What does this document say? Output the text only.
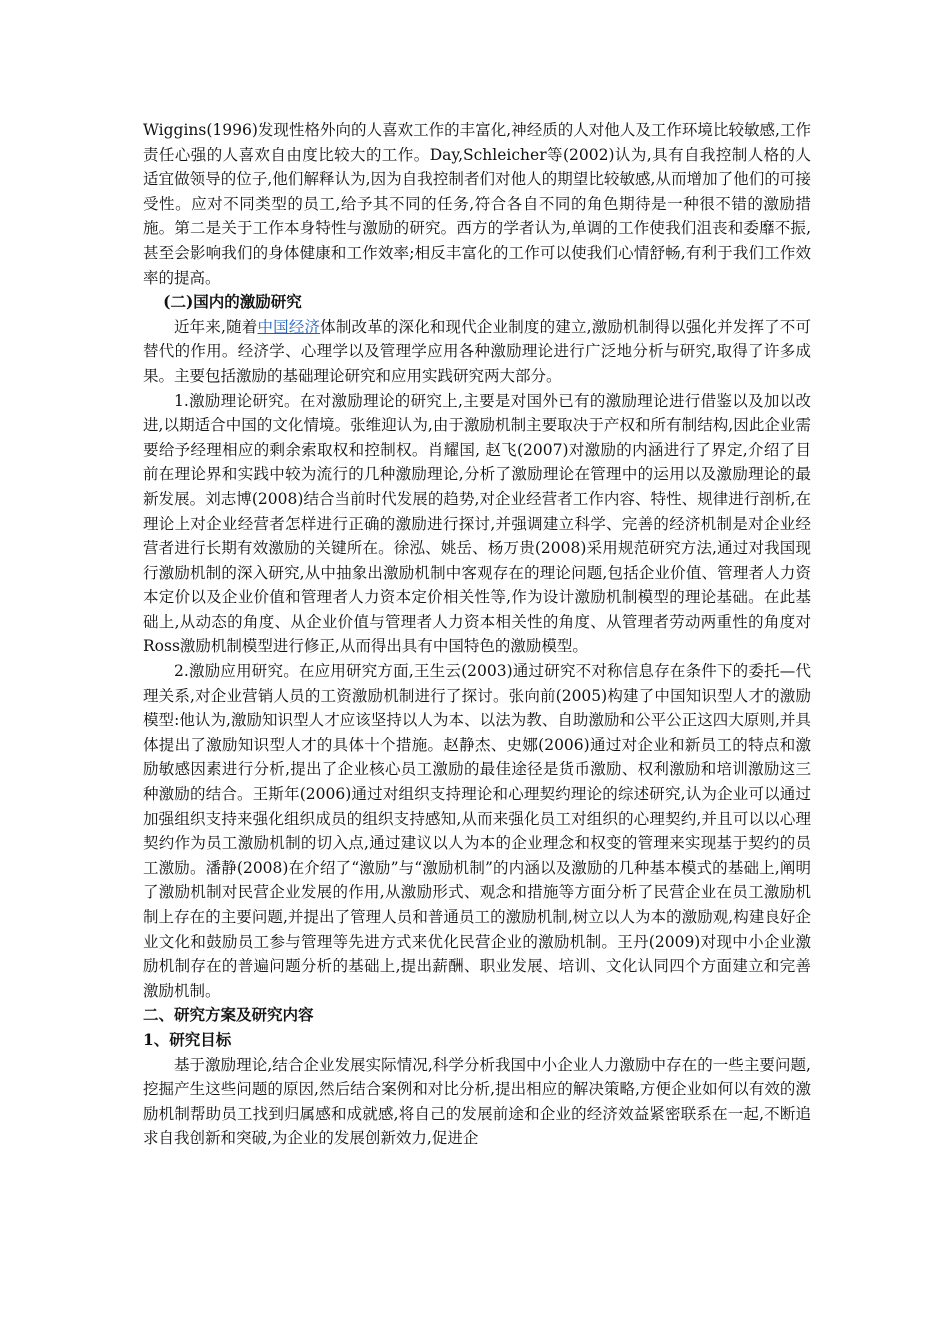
Wiggins(1996)发现性格外向的人喜欢工作的丰富化,神经质的人对他人及工作环境比较敏感,工作责任心强的人喜欢自由度比较大的工作。Day,Schleicher等(2002)认为,具有自我控制人格的人适宜做领导的位子,他们解释认为,因为自我控制者们对他人的期望比较敏感,从而增加了他们的可接受性。应对不同类型的员工,给予其不同的任务,符合各自不同的角色期待是一种很不错的激励措施。第二是关于工作本身特性与激励的研究。西方的学者认为,单调的工作使我们沮丧和委靡不振,甚至会影响我们的身体健康和工作效率;相反丰富化的工作可以使我们心情舒畅,有利于我们工作效率的提高。

(二)国内的激励研究

近年来,随着中国经济体制改革的深化和现代企业制度的建立,激励机制得以强化并发挥了不可替代的作用。经济学、心理学以及管理学应用各种激励理论进行广泛地分析与研究,取得了许多成果。主要包括激励的基础理论研究和应用实践研究两大部分。

1.激励理论研究。在对激励理论的研究上,主要是对国外已有的激励理论进行借鉴以及加以改进,以期适合中国的文化情境。张维迎认为,由于激励机制主要取决于产权和所有制结构,因此企业需要给予经理相应的剩余索取权和控制权。肖耀国, 赵飞(2007)对激励的内涵进行了界定,介绍了目前在理论界和实践中较为流行的几种激励理论,分析了激励理论在管理中的运用以及激励理论的最新发展。刘志博(2008)结合当前时代发展的趋势,对企业经营者工作内容、特性、规律进行剖析,在理论上对企业经营者怎样进行正确的激励进行探讨,并强调建立科学、完善的经济机制是对企业经营者进行长期有效激励的关键所在。徐泓、姚岳、杨万贵(2008)采用规范研究方法,通过对我国现行激励机制的深入研究,从中抽象出激励机制中客观存在的理论问题,包括企业价值、管理者人力资本定价以及企业价值和管理者人力资本定价相关性等,作为设计激励机制模型的理论基础。在此基础上,从动态的角度、从企业价值与管理者人力资本相关性的角度、从管理者劳动两重性的角度对 Ross激励机制模型进行修正,从而得出具有中国特色的激励模型。

2.激励应用研究。在应用研究方面,王生云(2003)通过研究不对称信息存在条件下的委托—代理关系,对企业营销人员的工资激励机制进行了探讨。张向前(2005)构建了中国知识型人才的激励模型:他认为,激励知识型人才应该坚持以人为本、以法为教、自助激励和公平公正这四大原则,并具体提出了激励知识型人才的具体十个措施。赵静杰、史娜(2006)通过对企业和新员工的特点和激励敏感因素进行分析,提出了企业核心员工激励的最佳途径是货币激励、权利激励和培训激励这三种激励的结合。王斯年(2006)通过对组织支持理论和心理契约理论的综述研究,认为企业可以通过加强组织支持来强化组织成员的组织支持感知,从而来强化员工对组织的心理契约,并且可以以心理契约作为员工激励机制的切入点,通过建议以人为本的企业理念和权变的管理来实现基于契约的员工激励。潘静(2008)在介绍了“激励”与“激励机制”的内涵以及激励的几种基本模式的基础上,阐明了激励机制对民营企业发展的作用,从激励形式、观念和措施等方面分析了民营企业在员工激励机制上存在的主要问题,并提出了管理人员和普通员工的激励机制,树立以人为本的激励观,构建良好企业文化和鼓励员工参与管理等先进方式来优化民营企业的激励机制。王丹(2009)对现中小企业激励机制存在的普遍问题分析的基础上,提出薪酬、职业发展、培训、文化认同四个方面建立和完善激励机制。

二、研究方案及研究内容

1、研究目标

基于激励理论,结合企业发展实际情况,科学分析我国中小企业人力激励中存在的一些主要问题,挖掘产生这些问题的原因,然后结合案例和对比分析,提出相应的解决策略,方便企业如何以有效的激励机制帮助员工找到归属感和成就感,将自己的发展前途和企业的经济效益紧密联系在一起,不断追求自我创新和突破,为企业的发展创新效力,促进企
